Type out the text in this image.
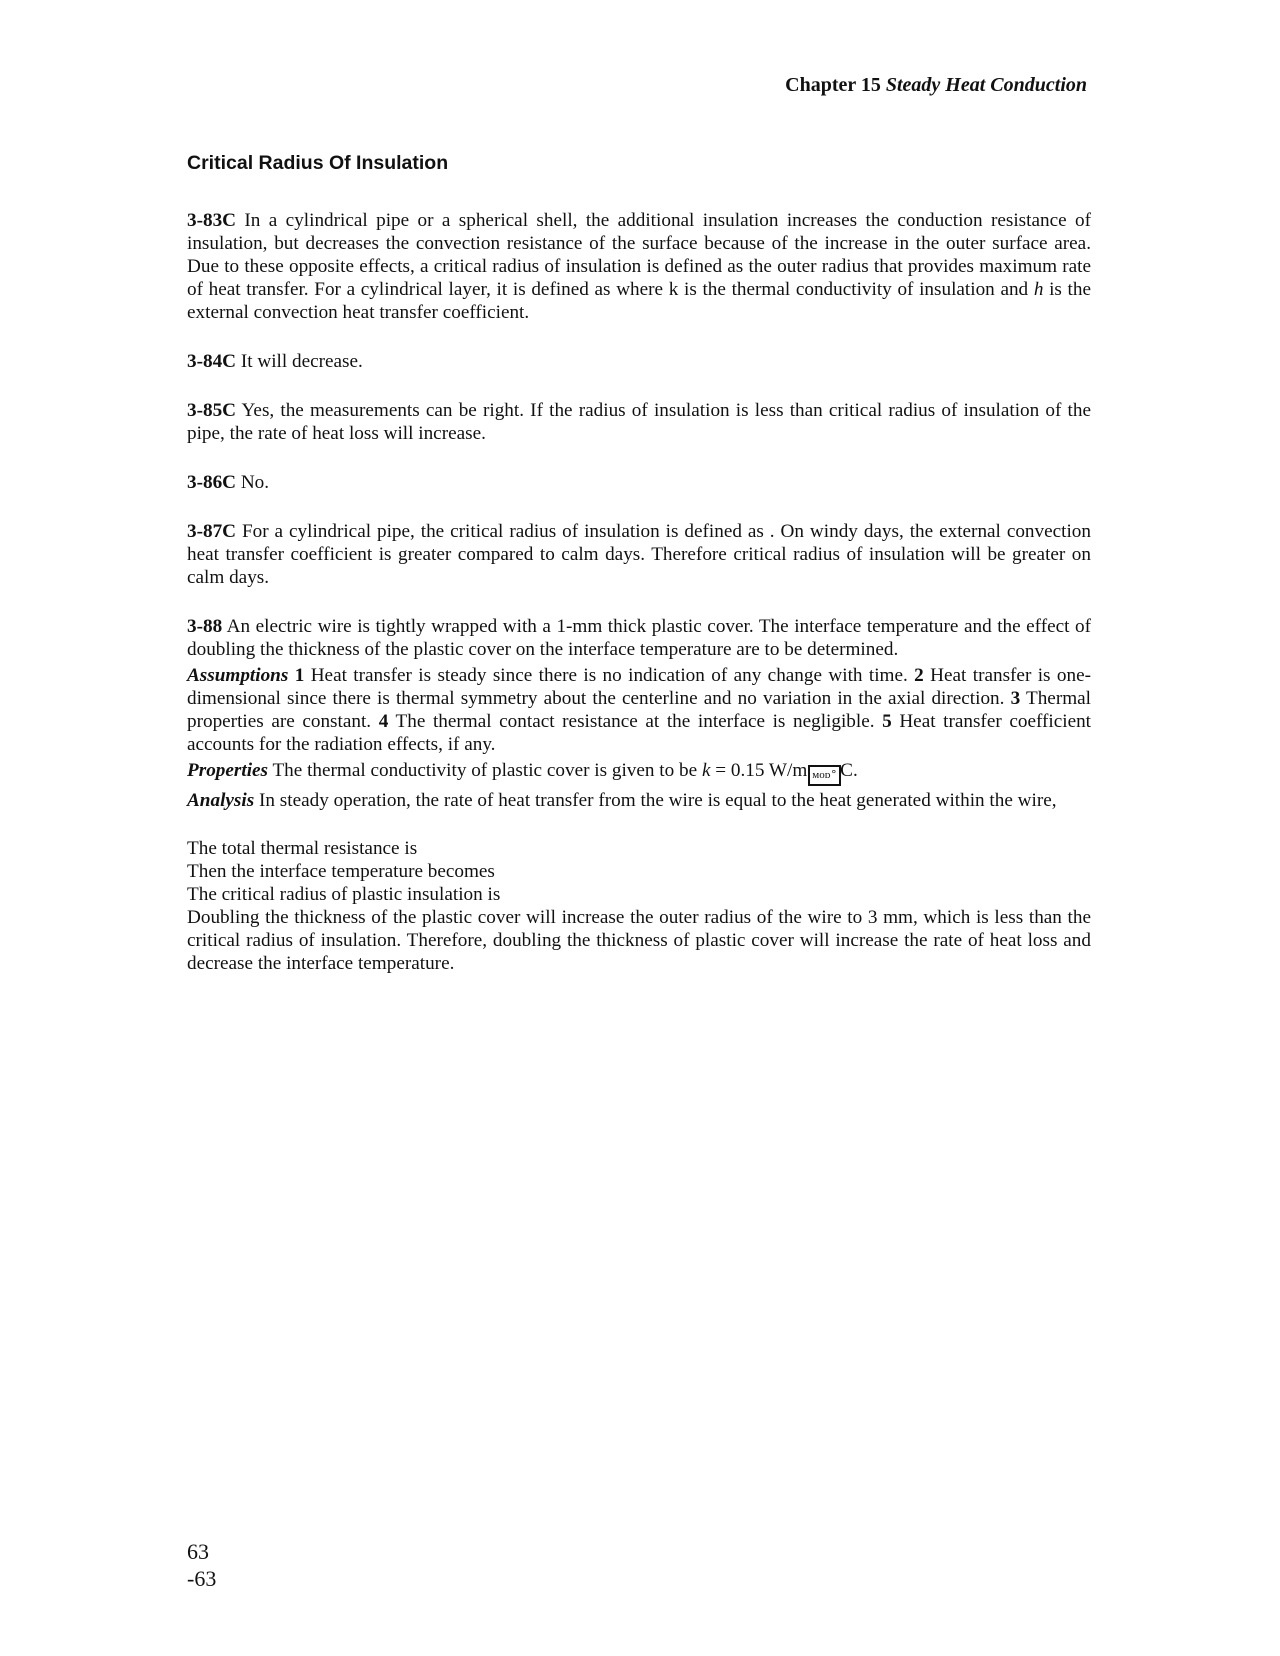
Chapter 15 Steady Heat Conduction
Critical Radius Of Insulation

3-83C In a cylindrical pipe or a spherical shell, the additional insulation increases the conduction resistance of insulation, but decreases the convection resistance of the surface because of the increase in the outer surface area. Due to these opposite effects, a critical radius of insulation is defined as the outer radius that provides maximum rate of heat transfer. For a cylindrical layer, it is defined as where k is the thermal conductivity of insulation and h is the external convection heat transfer coefficient.

3-84C It will decrease.

3-85C Yes, the measurements can be right. If the radius of insulation is less than critical radius of insulation of the pipe, the rate of heat loss will increase.

3-86C No.

3-87C For a cylindrical pipe, the critical radius of insulation is defined as . On windy days, the external convection heat transfer coefficient is greater compared to calm days. Therefore critical radius of insulation will be greater on calm days.

3-88 An electric wire is tightly wrapped with a 1-mm thick plastic cover. The interface temperature and the effect of doubling the thickness of the plastic cover on the interface temperature are to be determined.

Assumptions 1 Heat transfer is steady since there is no indication of any change with time. 2 Heat transfer is one-dimensional since there is thermal symmetry about the centerline and no variation in the axial direction. 3 Thermal properties are constant. 4 The thermal contact resistance at the interface is negligible. 5 Heat transfer coefficient accounts for the radiation effects, if any.

Properties The thermal conductivity of plastic cover is given to be k = 0.15 W/m ᴍᴏᴅ° C.

Analysis In steady operation, the rate of heat transfer from the wire is equal to the heat generated within the wire,

The total thermal resistance is

Then the interface temperature becomes

The critical radius of plastic insulation is

Doubling the thickness of the plastic cover will increase the outer radius of the wire to 3 mm, which is less than the critical radius of insulation. Therefore, doubling the thickness of plastic cover will increase the rate of heat loss and decrease the interface temperature.

63
-63
